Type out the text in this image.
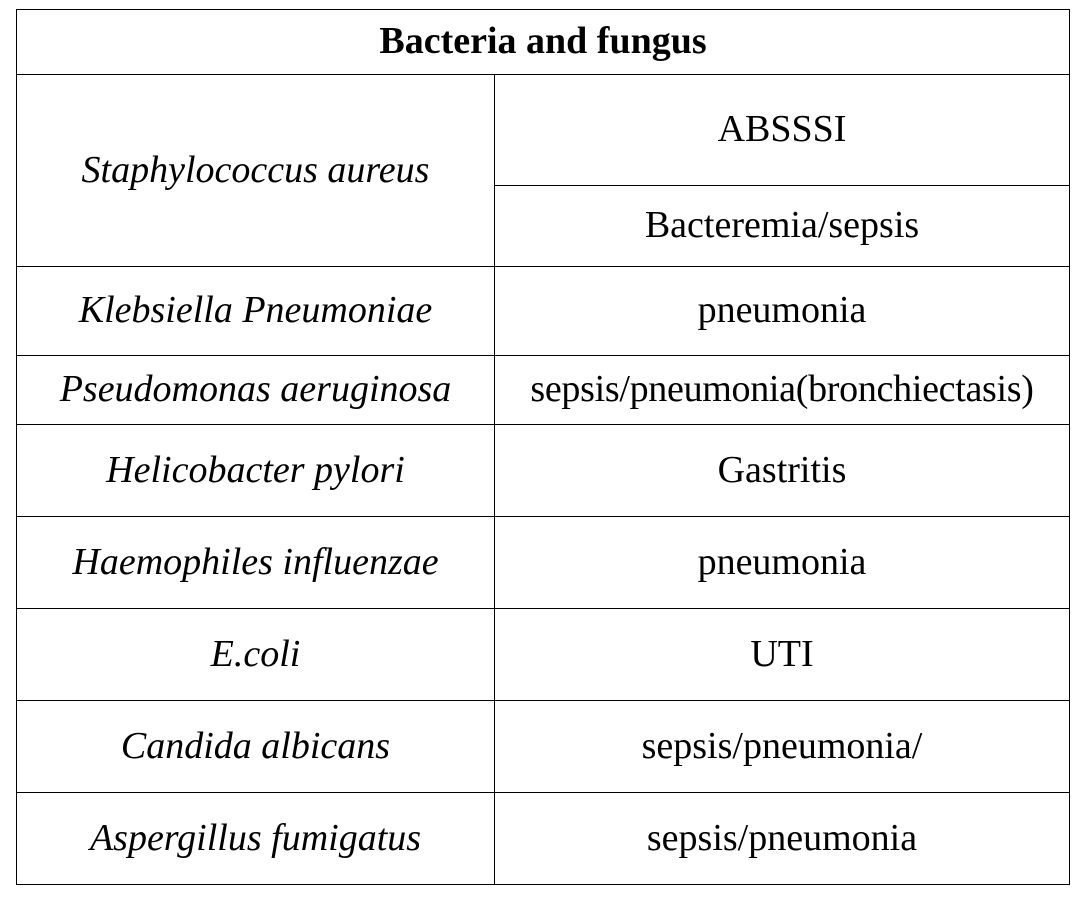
Bacteria and fungus	
Staphylococcus aureus	ABSSSI
	Bacteremia/sepsis
Klebsiella Pneumoniae	pneumonia
Pseudomonas aeruginosa	sepsis/pneumonia(bronchiectasis)
Helicobacter pylori	Gastritis
Haemophiles influenzae	pneumonia
E.coli	UTI
Candida albicans	sepsis/pneumonia/
Aspergillus fumigatus	sepsis/pneumonia
